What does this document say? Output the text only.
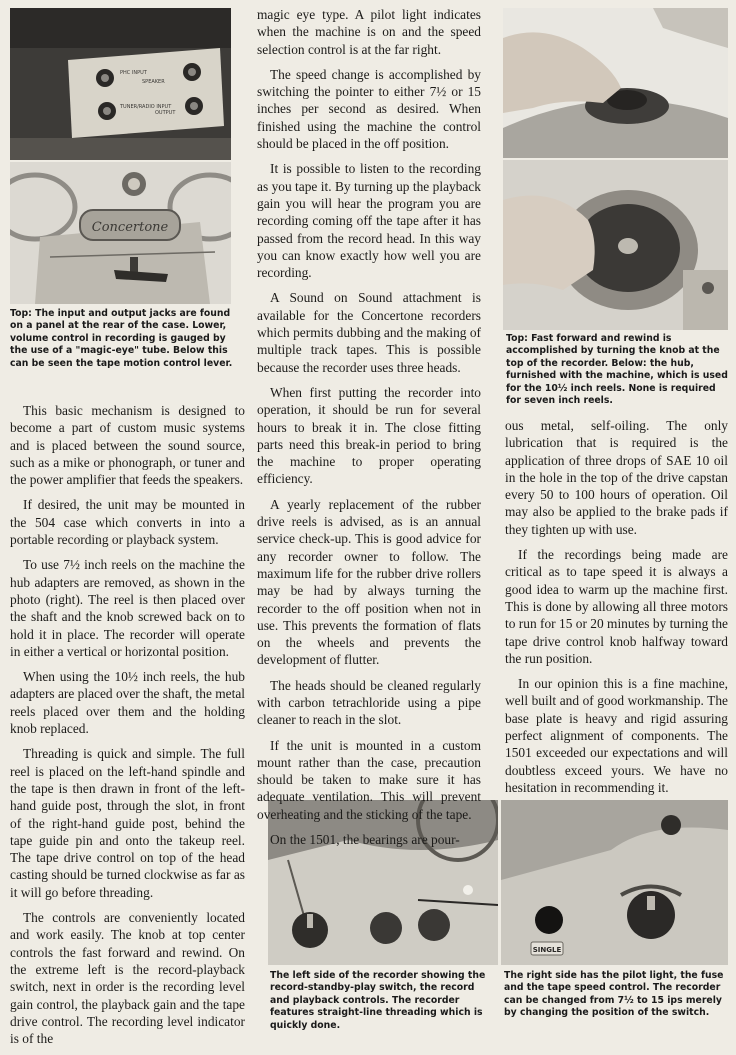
PHC INPUT
SPEAKER
TUNER/RADIO INPUT
OUTPUT
Concertone
SINGLE

Top: The input and output jacks are found on a panel at the rear of the case. Lower, volume control in recording is gauged by the use of a "magic-eye" tube. Below this can be seen the tape motion control lever.

Top: Fast forward and rewind is accomplished by turning the knob at the top of the recorder. Below: the hub, furnished with the machine, which is used for the 10½ inch reels. None is required for seven inch reels.

The left side of the recorder showing the record-standby-play switch, the record and playback controls. The recorder features straight-line threading which is quickly done.

The right side has the pilot light, the fuse and the tape speed control. The recorder can be changed from 7½ to 15 ips merely by changing the position of the switch.

This basic mechanism is designed to become a part of custom music systems and is placed between the sound source, such as a mike or phonograph, or tuner and the power amplifier that feeds the speakers.

If desired, the unit may be mounted in the 504 case which converts in into a portable recording or playback system.

To use 7½ inch reels on the machine the hub adapters are removed, as shown in the photo (right). The reel is then placed over the shaft and the knob screwed back on to hold it in place. The recorder will operate in either a vertical or horizontal position.

When using the 10½ inch reels, the hub adapters are placed over the shaft, the metal reels placed over them and the holding knob replaced.

Threading is quick and simple. The full reel is placed on the left-hand spindle and the tape is then drawn in front of the left-hand guide post, through the slot, in front of the right-hand guide post, behind the tape guide pin and onto the takeup reel. The tape drive control on top of the head casting should be turned clockwise as far as it will go before threading.

The controls are conveniently located and work easily. The knob at top center controls the fast forward and rewind. On the extreme left is the record-playback switch, next in order is the recording level gain control, the playback gain and the tape drive control. The recording level indicator is of the

magic eye type. A pilot light indicates when the machine is on and the speed selection control is at the far right.

The speed change is accomplished by switching the pointer to either 7½ or 15 inches per second as desired. When finished using the machine the control should be placed in the off position.

It is possible to listen to the recording as you tape it. By turning up the playback gain you will hear the program you are recording coming off the tape after it has passed from the record head. In this way you can know exactly how well you are recording.

A Sound on Sound attachment is available for the Concertone recorders which permits dubbing and the making of multiple track tapes. This is possible because the recorder uses three heads.

When first putting the recorder into operation, it should be run for several hours to break it in. The close fitting parts need this break-in period to bring the machine to proper operating efficiency.

A yearly replacement of the rubber drive reels is advised, as is an annual service check-up. This is good advice for any recorder owner to follow. The maximum life for the rubber drive rollers may be had by always turning the recorder to the off position when not in use. This prevents the formation of flats on the wheels and prevents the development of flutter.

The heads should be cleaned regularly with carbon tetrachloride using a pipe cleaner to reach in the slot.

If the unit is mounted in a custom mount rather than the case, precaution should be taken to make sure it has adequate ventilation. This will prevent overheating and the sticking of the tape.

On the 1501, the bearings are pour-

ous metal, self-oiling. The only lubrication that is required is the application of three drops of SAE 10 oil in the hole in the top of the drive capstan every 50 to 100 hours of operation. Oil may also be applied to the brake pads if they tighten up with use.

If the recordings being made are critical as to tape speed it is always a good idea to warm up the machine first. This is done by allowing all three motors to run for 15 or 20 minutes by turning the tape drive control knob halfway toward the run position.

In our opinion this is a fine machine, well built and of good workmanship. The base plate is heavy and rigid assuring perfect alignment of components. The 1501 exceeded our expectations and will doubtless exceed yours. We have no hesitation in recommending it.
